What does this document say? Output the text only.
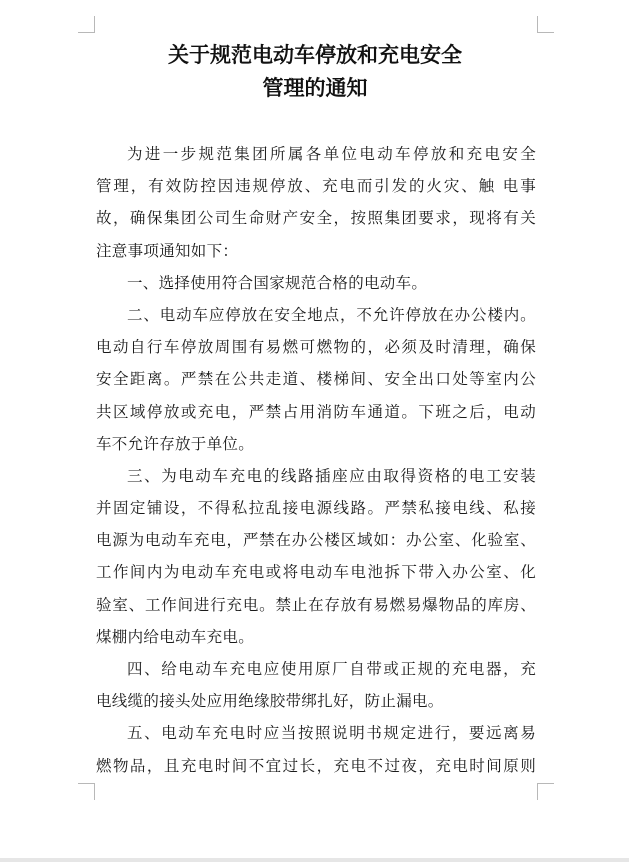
关于规范电动车停放和充电安全
管理的通知
为进一步规范集团所属各单位电动车停放和充电安全
管理，有效防控因违规停放、充电而引发的火灾、触 电事
故，确保集团公司生命财产安全，按照集团要求，现将有关
注意事项通知如下：
一、选择使用符合国家规范合格的电动车。
二、电动车应停放在安全地点，不允许停放在办公楼内。
电动自行车停放周围有易燃可燃物的，必须及时清理，确保
安全距离。严禁在公共走道、楼梯间、安全出口处等室内公
共区域停放或充电，严禁占用消防车通道。下班之后，电动
车不允许存放于单位。
三、为电动车充电的线路插座应由取得资格的电工安装
并固定铺设，不得私拉乱接电源线路。严禁私接电线、私接
电源为电动车充电，严禁在办公楼区域如：办公室、化验室、
工作间内为电动车充电或将电动车电池拆下带入办公室、化
验室、工作间进行充电。禁止在存放有易燃易爆物品的库房、
煤棚内给电动车充电。
四、给电动车充电应使用原厂自带或正规的充电器，充
电线缆的接头处应用绝缘胶带绑扎好，防止漏电。
五、电动车充电时应当按照说明书规定进行，要远离易
燃物品，且充电时间不宜过长，充电不过夜，充电时间原则
